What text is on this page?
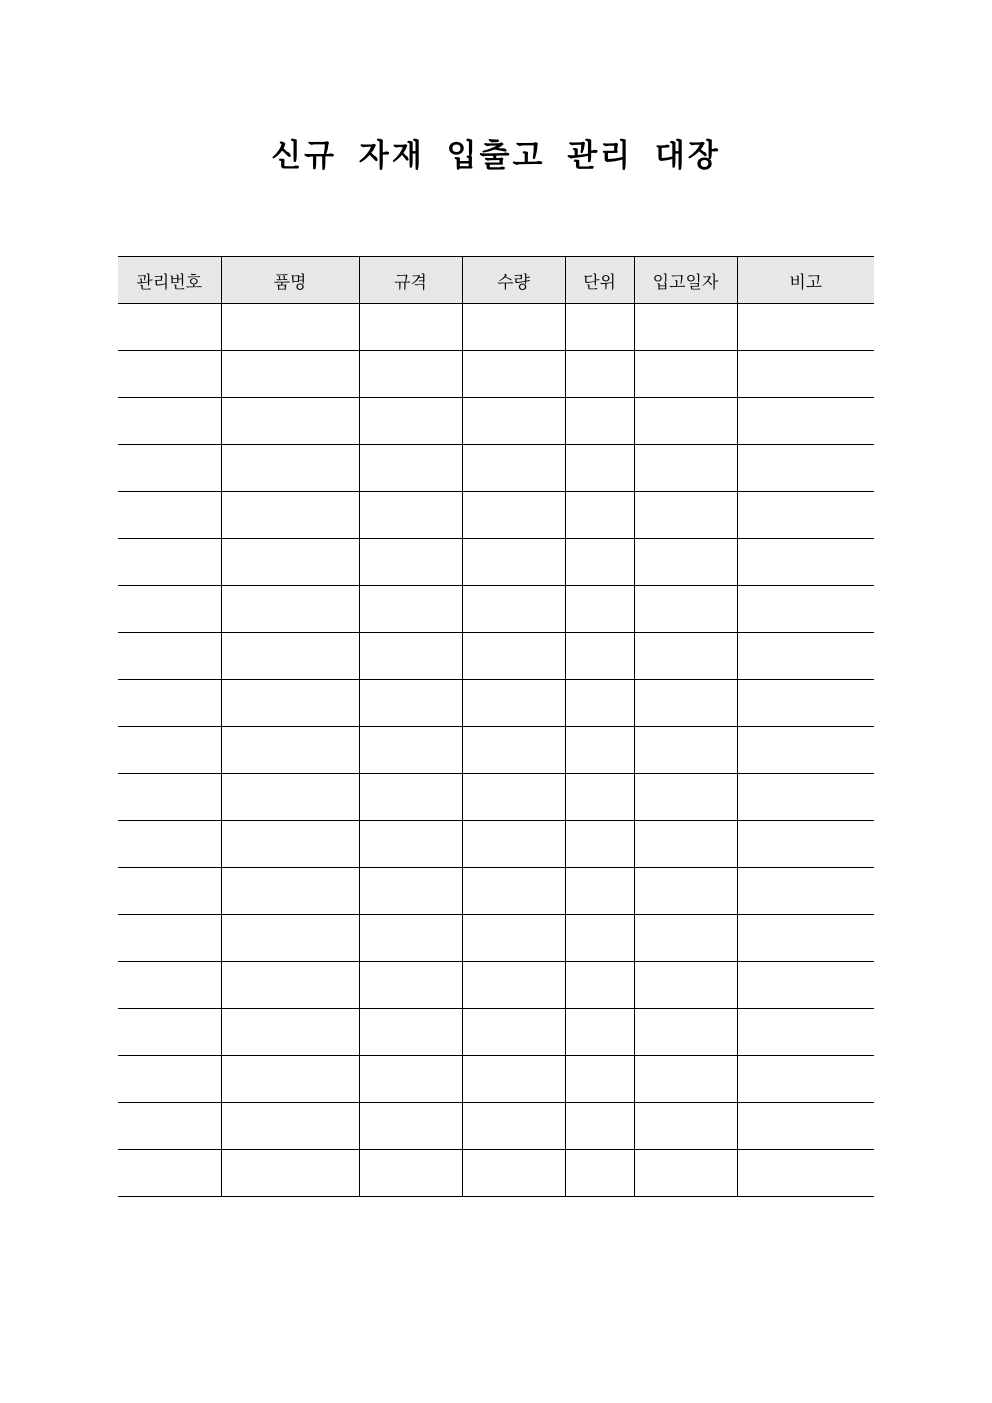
신규 자재 입출고 관리 대장
관리번호	품명	규격	수량	단위	입고일자	비고
